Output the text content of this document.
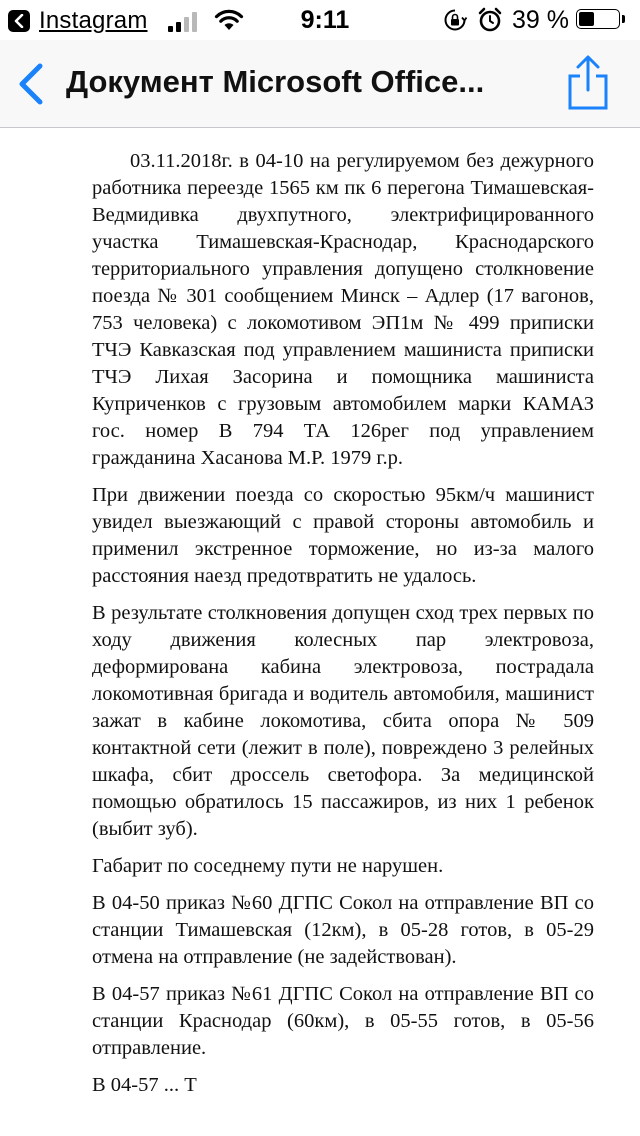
Instagram	9:11	39 %
Документ Microsoft Office...

03.11.2018г. в 04-10 на регулируемом без дежурного работника переезде 1565 км пк 6 перегона Тимашевская-Ведмидивка двухпутного, электрифицированного участка Тимашевская-Краснодар, Краснодарского территориального управления допущено столкновение поезда № 301 сообщением Минск – Адлер (17 вагонов, 753 человека) с локомотивом ЭП1м № 499 приписки ТЧЭ Кавказская под управлением машиниста приписки ТЧЭ Лихая Засорина и помощника машиниста Куприченков с грузовым автомобилем марки КАМАЗ гос. номер В 794 ТА 126рег под управлением гражданина Хасанова М.Р. 1979 г.р.

При движении поезда со скоростью 95км/ч машинист увидел выезжающий с правой стороны автомобиль и применил экстренное торможение, но из-за малого расстояния наезд предотвратить не удалось.

В результате столкновения допущен сход трех первых по ходу движения колесных пар электровоза, деформирована кабина электровоза, пострадала локомотивная бригада и водитель автомобиля, машинист зажат в кабине локомотива, сбита опора № 509 контактной сети (лежит в поле), повреждено 3 релейных шкафа, сбит дроссель светофора. За медицинской помощью обратилось 15 пассажиров, из них 1 ребенок (выбит зуб).

Габарит по соседнему пути не нарушен.

В 04-50 приказ №60 ДГПС Сокол на отправление ВП со станции Тимашевская (12км), в 05-28 готов, в 05-29 отмена на отправление (не задействован).

В 04-57 приказ №61 ДГПС Сокол на отправление ВП со станции Краснодар (60км), в 05-55 готов, в 05-56 отправление.

В 04-57 ... Т
